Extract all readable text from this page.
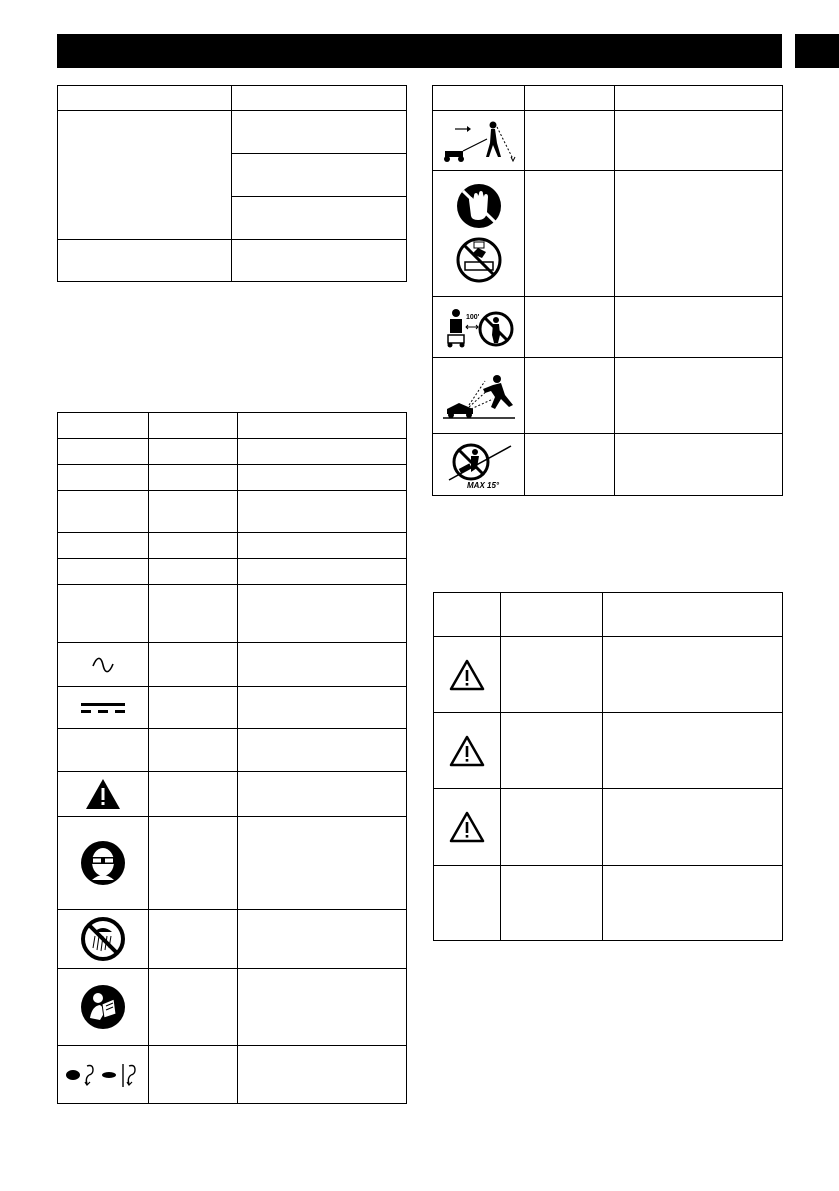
100'		

MAX 15°		
